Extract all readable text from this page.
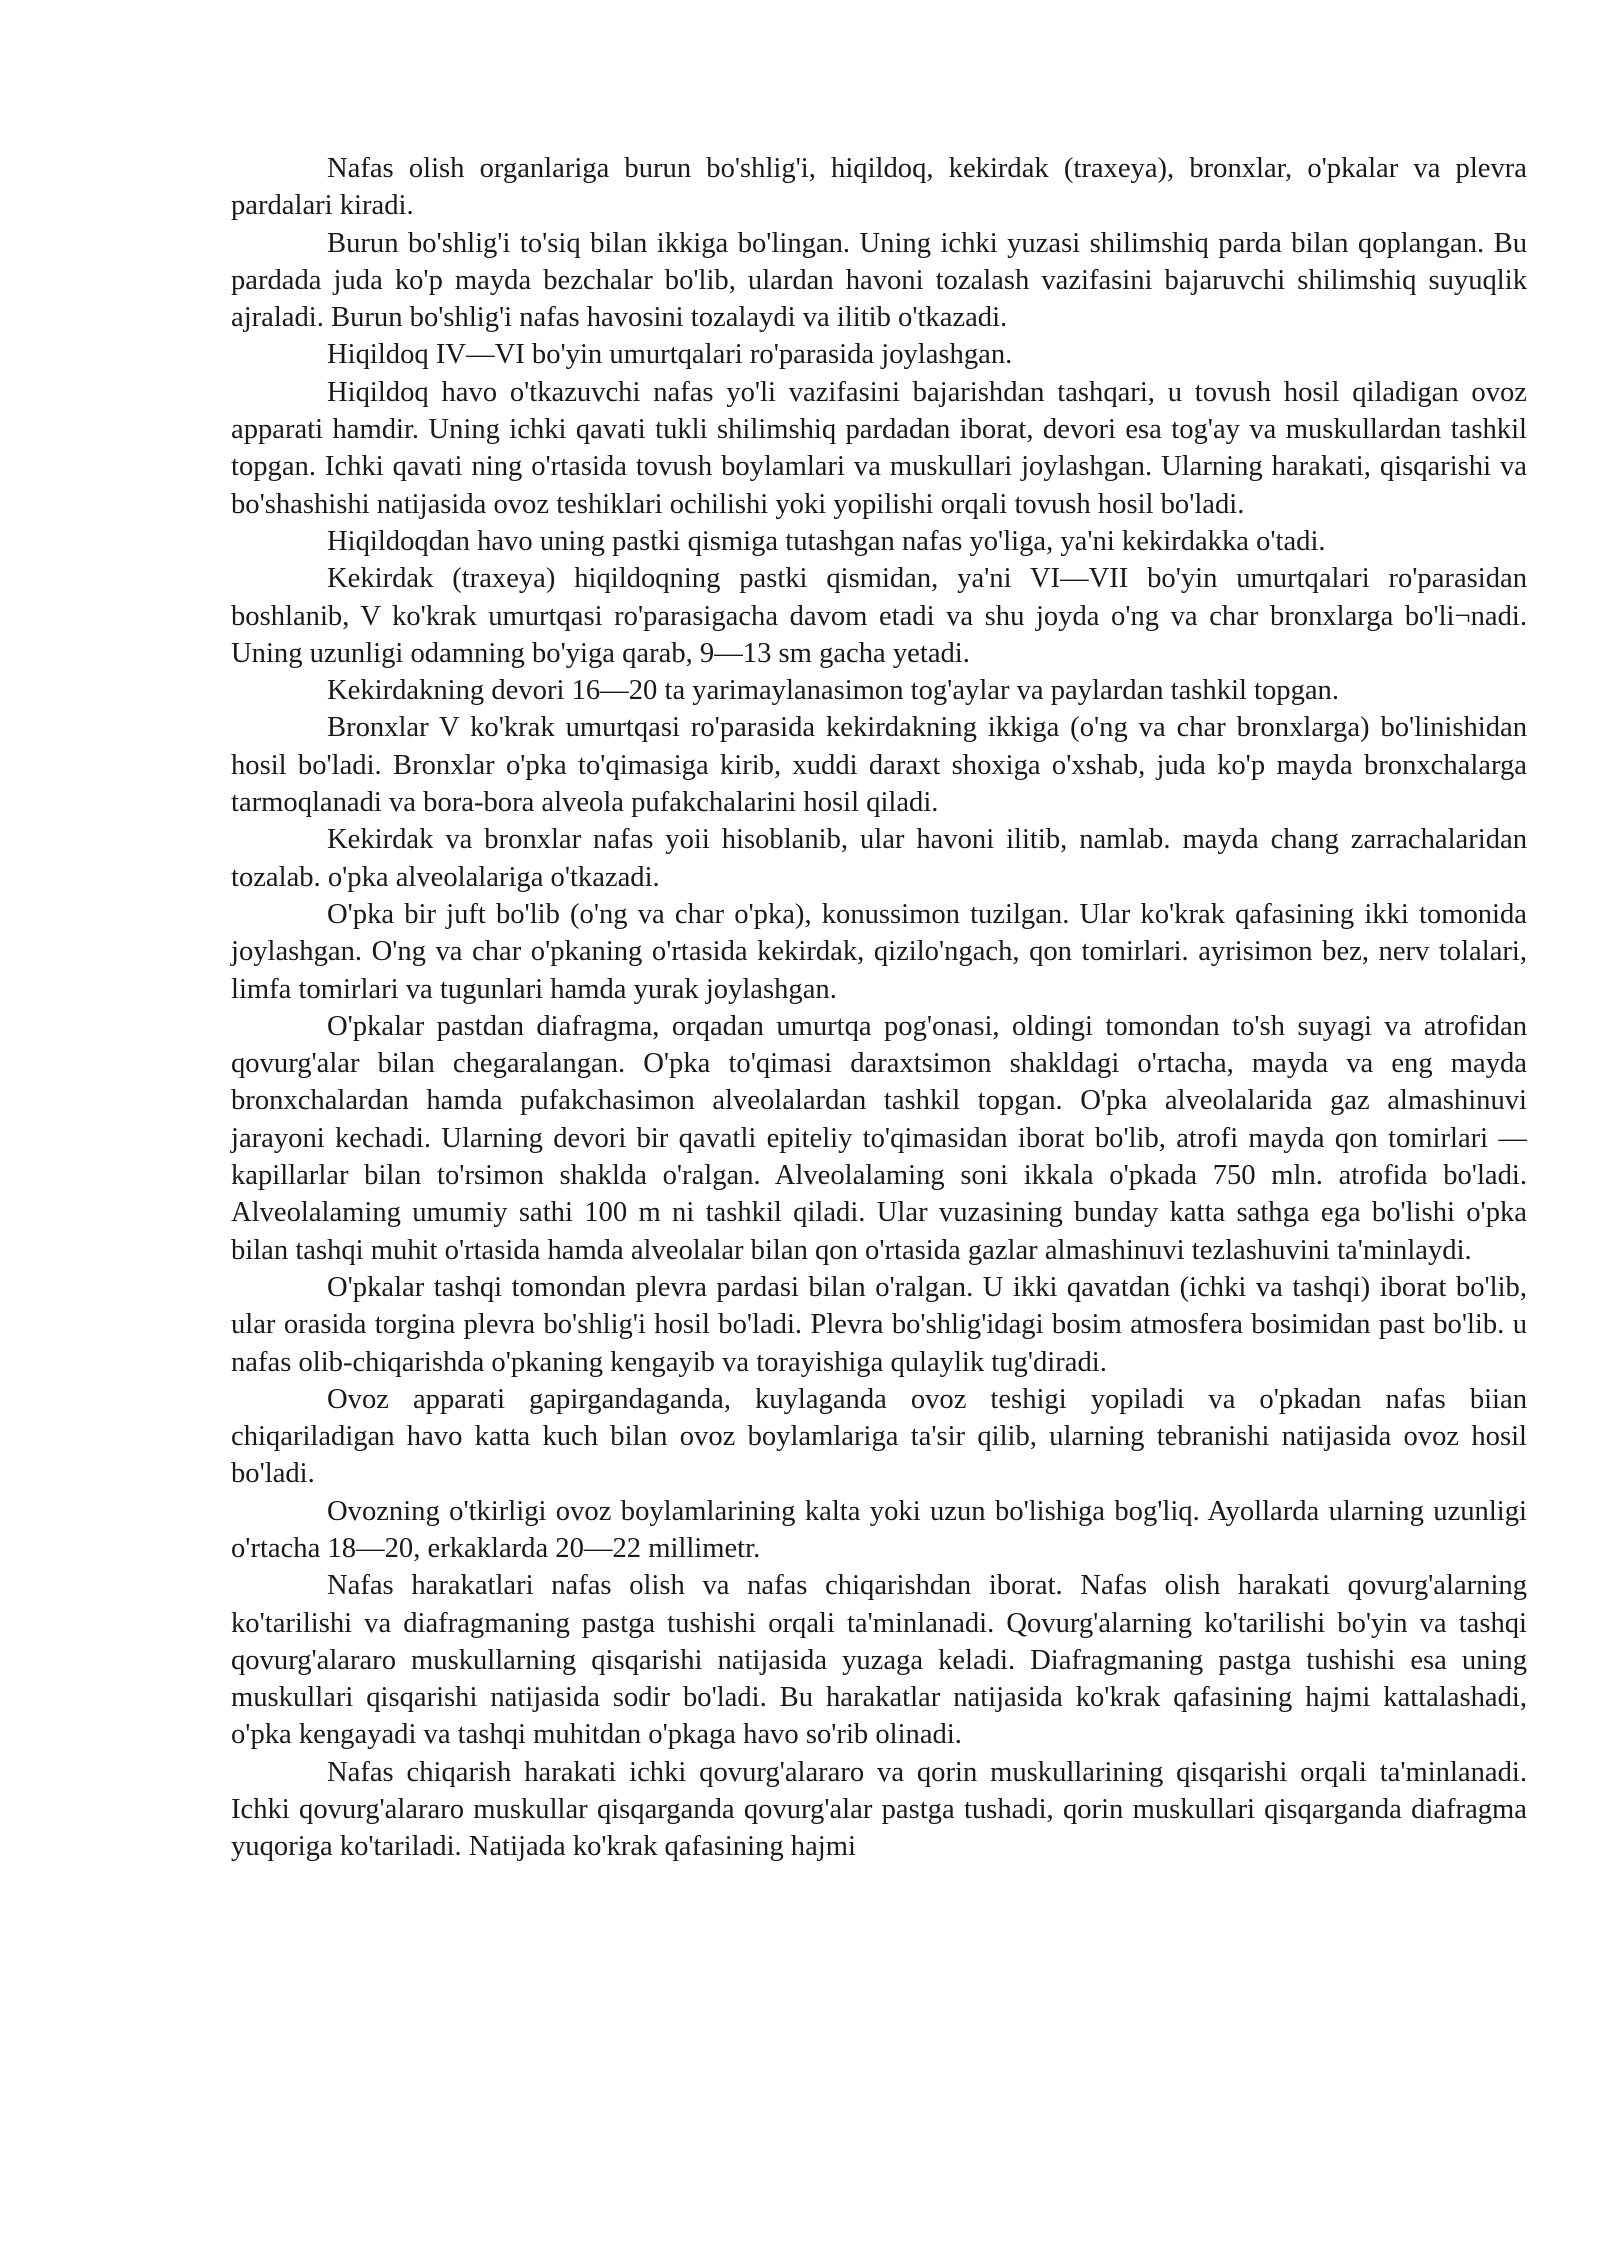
Nafas olish organlariga burun bo'shlig'i, hiqildoq, kekirdak (traxeya), bronxlar, o'pkalar va plevra pardalari kiradi.

Burun bo'shlig'i to'siq bilan ikkiga bo'lingan. Uning ichki yuzasi shilimshiq parda bilan qoplangan. Bu pardada juda ko'p mayda bezchalar bo'lib, ulardan havoni tozalash vazifasini bajaruvchi shilimshiq suyuqlik ajraladi. Burun bo'shlig'i nafas havosini tozalaydi va ilitib o'tkazadi.

Hiqildoq IV—VI bo'yin umurtqalari ro'parasida joylashgan.

Hiqildoq havo o'tkazuvchi nafas yo'li vazifasini bajarishdan tashqari, u tovush hosil qiladigan ovoz apparati hamdir. Uning ichki qavati tukli shilimshiq pardadan iborat, devori esa tog'ay va muskullardan tashkil topgan. Ichki qavati ning o'rtasida tovush boylamlari va muskullari joylashgan. Ularning harakati, qisqarishi va bo'shashishi natijasida ovoz teshiklari ochilishi yoki yopilishi orqali tovush hosil bo'ladi.

Hiqildoqdan havo uning pastki qismiga tutashgan nafas yo'liga, ya'ni kekirdakka o'tadi.

Kekirdak (traxeya) hiqildoqning pastki qismidan, ya'ni VI—VII bo'yin umurtqalari ro'parasidan boshlanib, V ko'krak umurtqasi ro'parasigacha davom etadi va shu joyda o'ng va char bronxlarga bo'li¬nadi. Uning uzunligi odamning bo'yiga qarab, 9—13 sm gacha yetadi.

Kekirdakning devori 16—20 ta yarimaylanasimon tog'aylar va paylardan tashkil topgan.

Bronxlar V ko'krak umurtqasi ro'parasida kekirdakning ikkiga (o'ng va char bronxlarga) bo'linishidan hosil bo'ladi. Bronxlar o'pka to'qimasiga kirib, xuddi daraxt shoxiga o'xshab, juda ko'p mayda bronxchalarga tarmoqlanadi va bora-bora alveola pufakchalarini hosil qiladi.

Kekirdak va bronxlar nafas yoii hisoblanib, ular havoni ilitib, namlab. mayda chang zarrachalaridan tozalab. o'pka alveolalariga o'tkazadi.

O'pka bir juft bo'lib (o'ng va char o'pka), konussimon tuzilgan. Ular ko'krak qafasining ikki tomonida joylashgan. O'ng va char o'pkaning o'rtasida kekirdak, qizilo'ngach, qon tomirlari. ayrisimon bez, nerv tolalari, limfa tomirlari va tugunlari hamda yurak joylashgan.

O'pkalar pastdan diafragma, orqadan umurtqa pog'onasi, oldingi tomondan to'sh suyagi va atrofidan qovurg'alar bilan chegaralangan. O'pka to'qimasi daraxtsimon shakldagi o'rtacha, mayda va eng mayda bronxchalardan hamda pufakchasimon alveolalardan tashkil topgan. O'pka alveolalarida gaz almashinuvi jarayoni kechadi. Ularning devori bir qavatli epiteliy to'qimasidan iborat bo'lib, atrofi mayda qon tomirlari — kapillarlar bilan to'rsimon shaklda o'ralgan. Alveolalaming soni ikkala o'pkada 750 mln. atrofida bo'ladi. Alveolalaming umumiy sathi 100 m ni tashkil qiladi. Ular vuzasining bunday katta sathga ega bo'lishi o'pka bilan tashqi muhit o'rtasida hamda alveolalar bilan qon o'rtasida gazlar almashinuvi tezlashuvini ta'minlaydi.

O'pkalar tashqi tomondan plevra pardasi bilan o'ralgan. U ikki qavatdan (ichki va tashqi) iborat bo'lib, ular orasida torgina plevra bo'shlig'i hosil bo'ladi. Plevra bo'shlig'idagi bosim atmosfera bosimidan past bo'lib. u nafas olib-chiqarishda o'pkaning kengayib va torayishiga qulaylik tug'diradi.

Ovoz apparati gapirgandaganda, kuylaganda ovoz teshigi yopiladi va o'pkadan nafas biian chiqariladigan havo katta kuch bilan ovoz boylamlariga ta'sir qilib, ularning tebranishi natijasida ovoz hosil bo'ladi.

Ovozning o'tkirligi ovoz boylamlarining kalta yoki uzun bo'lishiga bog'liq. Ayollarda ularning uzunligi o'rtacha 18—20, erkaklarda 20—22 millimetr.

Nafas harakatlari nafas olish va nafas chiqarishdan iborat. Nafas olish harakati qovurg'alarning ko'tarilishi va diafragmaning pastga tushishi orqali ta'minlanadi. Qovurg'alarning ko'tarilishi bo'yin va tashqi qovurg'alararo muskullarning qisqarishi natijasida yuzaga keladi. Diafragmaning pastga tushishi esa uning muskullari qisqarishi natijasida sodir bo'ladi. Bu harakatlar natijasida ko'krak qafasining hajmi kattalashadi, o'pka kengayadi va tashqi muhitdan o'pkaga havo so'rib olinadi.

Nafas chiqarish harakati ichki qovurg'alararo va qorin muskullarining qisqarishi orqali ta'minlanadi. Ichki qovurg'alararo muskullar qisqarganda qovurg'alar pastga tushadi, qorin muskullari qisqarganda diafragma yuqoriga ko'tariladi. Natijada ko'krak qafasining hajmi
